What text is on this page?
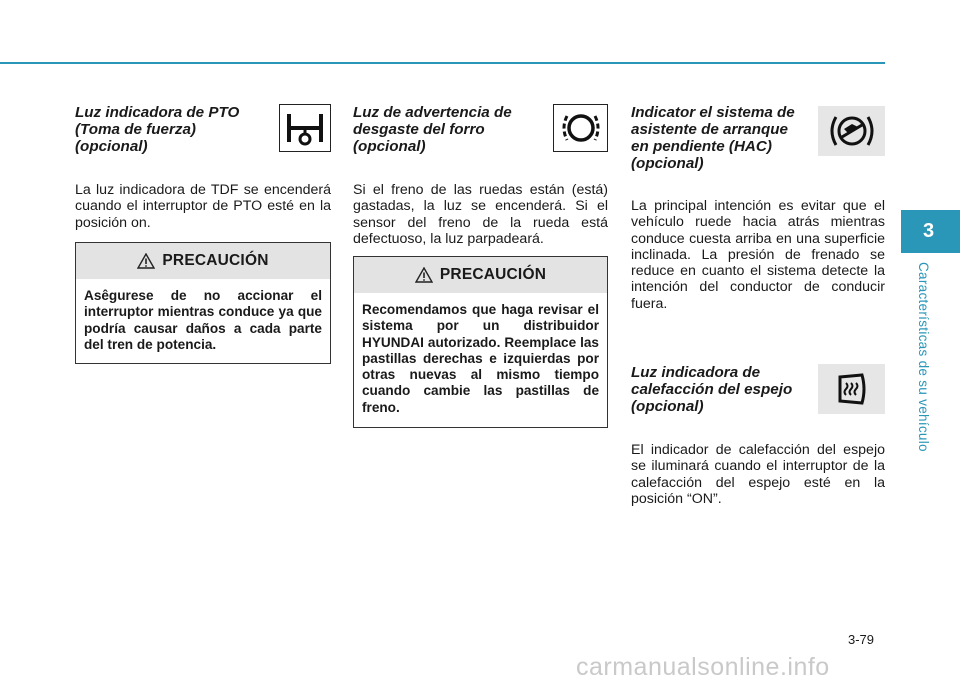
Luz indicadora de PTO
(Toma de fuerza)
(opcional)

La luz indicadora de TDF se encenderá cuando el interruptor de PTO esté en la posición on.

PRECAUCIÓN
Asêgurese de no accionar el interruptor mientras conduce ya que podría causar daños a cada parte del tren de potencia.
Luz de advertencia de
desgaste del forro
(opcional)

Si el freno de las ruedas están (está) gastadas, la luz se encenderá. Si el sensor del freno de la rueda está defectuoso, la luz parpadeará.

PRECAUCIÓN
Recomendamos que haga revisar el sistema por un distribuidor HYUNDAI autorizado. Reemplace las pastillas derechas e izquierdas por otras nuevas al mismo tiempo cuando cambie las pastillas de freno.
Indicator el sistema de
asistente de arranque
en pendiente (HAC)
(opcional)

La principal intención es evitar que el vehículo ruede hacia atrás mientras conduce cuesta arriba en una superficie inclinada. La presión de frenado se reduce en cuanto el sistema detecte la intención del conductor de conducir fuera.

Luz indicadora de
calefacción del espejo
(opcional)

El indicador de calefacción del espejo se iluminará cuando el interruptor de la calefacción del espejo esté en la posición “ON”.

3
Características de su vehículo
3-79
carmanualsonline.info
